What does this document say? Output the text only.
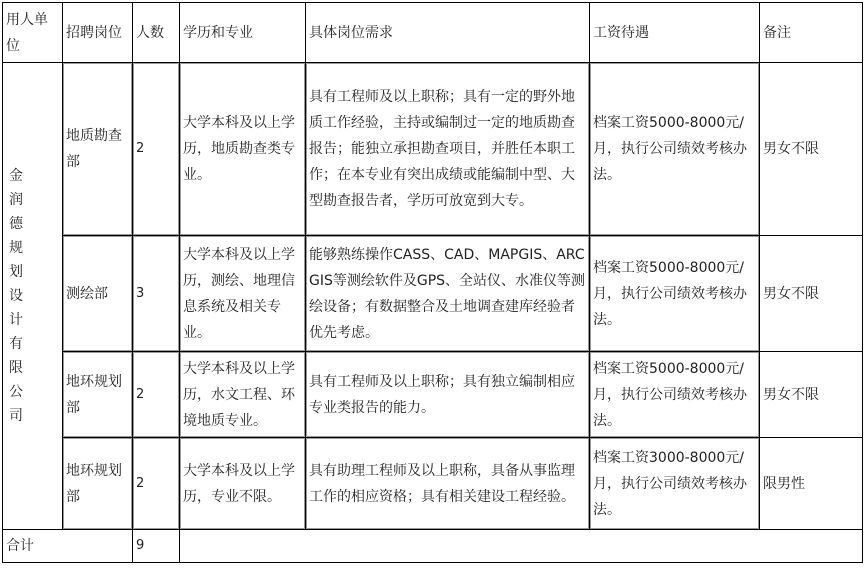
用人单位	招聘岗位	人数	学历和专业	具体岗位需求	工资待遇	备注

金润德规划设计有限公司	地质勘查部	2	大学本科及以上学历，地质勘查类专业。	具有工程师及以上职称；具有一定的野外地质工作经验，主持或编制过一定的地质勘查报告；能独立承担勘查项目，并胜任本职工作；在本专业有突出成绩或能编制中型、大型勘查报告者，学历可放宽到大专。	档案工资5000-8000元/月，执行公司绩效考核办法。	男女不限
	测绘部	3	大学本科及以上学历，测绘、地理信息系统及相关专业。	能够熟练操作CASS、CAD、MAPGIS、ARCGIS等测绘软件及GPS、全站仪、水准仪等测绘设备；有数据整合及土地调查建库经验者优先考虑。	档案工资5000-8000元/月，执行公司绩效考核办法。	男女不限
	地环规划部	2	大学本科及以上学历，水文工程、环境地质专业。	具有工程师及以上职称；具有独立编制相应专业类报告的能力。	档案工资5000-8000元/月，执行公司绩效考核办法。	男女不限
	地环规划部	2	大学本科及以上学历，专业不限。	具有助理工程师及以上职称，具备从事监理工作的相应资格；具有相关建设工程经验。	档案工资3000-8000元/月，执行公司绩效考核办法。	限男性
合计		9				
